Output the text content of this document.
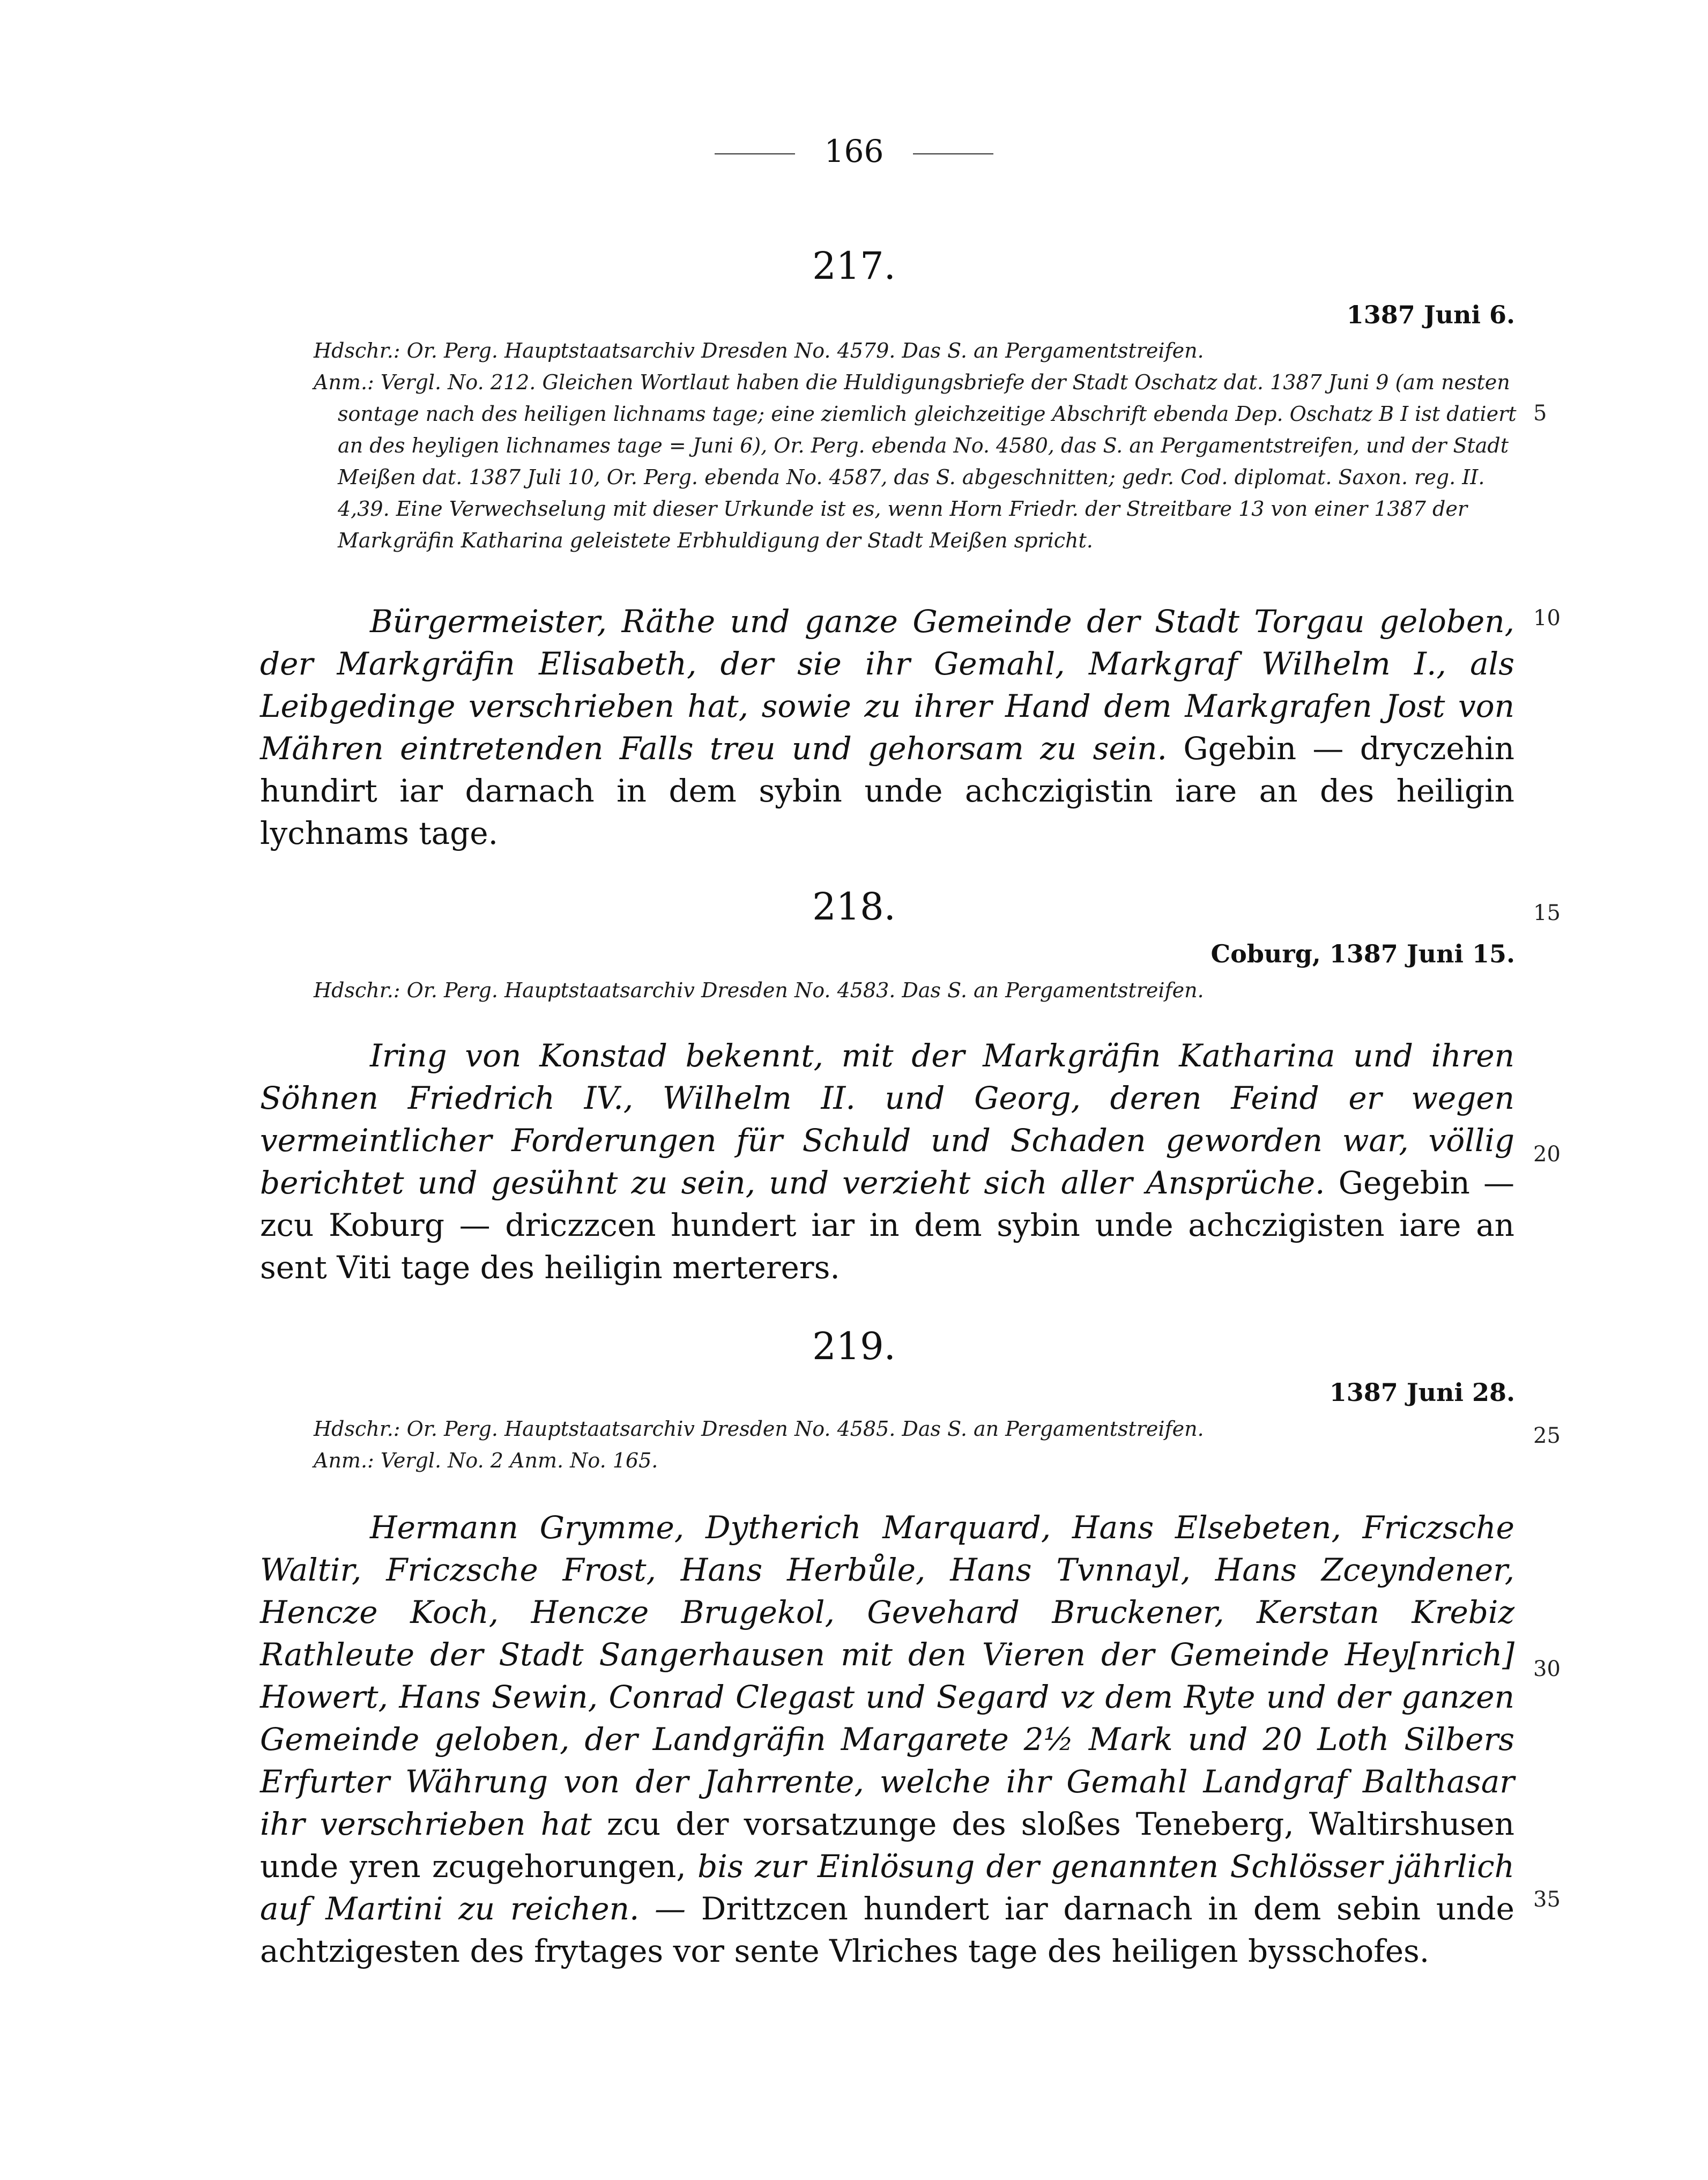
166
217.
1387 Juni 6.
Hdschr.: Or. Perg. Hauptstaatsarchiv Dresden No. 4579. Das S. an Pergamentstreifen.
Anm.: Vergl. No. 212. Gleichen Wortlaut haben die Huldigungsbriefe der Stadt Oschatz dat. 1387 Juni 9 (am nesten sontage nach des heiligen lichnams tage; eine ziemlich gleichzeitige Abschrift ebenda Dep. Oschatz B I ist datiert an des heyligen lichnames tage = Juni 6), Or. Perg. ebenda No. 4580, das S. an Pergamentstreifen, und der Stadt Meißen dat. 1387 Juli 10, Or. Perg. ebenda No. 4587, das S. abgeschnitten; gedr. Cod. diplomat. Saxon. reg. II. 4,39. Eine Verwechselung mit dieser Urkunde ist es, wenn Horn Friedr. der Streitbare 13 von einer 1387 der Markgräfin Katharina geleistete Erbhuldigung der Stadt Meißen spricht.
Bürgermeister, Räthe und ganze Gemeinde der Stadt Torgau geloben, der Markgräfin Elisabeth, der sie ihr Gemahl, Markgraf Wilhelm I., als Leibgedinge verschrieben hat, sowie zu ihrer Hand dem Markgrafen Jost von Mähren eintretenden Falls treu und gehorsam zu sein. Ggebin — dryczehin hundirt iar darnach in dem sybin unde achczigistin iare an des heiligin lychnams tage.
218.
Coburg, 1387 Juni 15.
Hdschr.: Or. Perg. Hauptstaatsarchiv Dresden No. 4583. Das S. an Pergamentstreifen.
Iring von Konstad bekennt, mit der Markgräfin Katharina und ihren Söhnen Friedrich IV., Wilhelm II. und Georg, deren Feind er wegen vermeintlicher Forderungen für Schuld und Schaden geworden war, völlig berichtet und gesühnt zu sein, und verzieht sich aller Ansprüche. Gegebin — zcu Koburg — driczzcen hundert iar in dem sybin unde achczigisten iare an sent Viti tage des heiligin merterers.
219.
1387 Juni 28.
Hdschr.: Or. Perg. Hauptstaatsarchiv Dresden No. 4585. Das S. an Pergamentstreifen.
Anm.: Vergl. No. 2 Anm. No. 165.
Hermann Grymme, Dytherich Marquard, Hans Elsebeten, Friczsche Waltir, Friczsche Frost, Hans Herbůle, Hans Tvnnayl, Hans Zceyndener, Hencze Koch, Hencze Brugekol, Gevehard Bruckener, Kerstan Krebiz Rathleute der Stadt Sangerhausen mit den Vieren der Gemeinde Hey[nrich] Howert, Hans Sewin, Conrad Clegast und Segard vz dem Ryte und der ganzen Gemeinde geloben, der Landgräfin Margarete 2½ Mark und 20 Loth Silbers Erfurter Währung von der Jahrrente, welche ihr Gemahl Landgraf Balthasar ihr verschrieben hat zcu der vorsatzunge des sloßes Teneberg, Waltirshusen unde yren zcugehorungen, bis zur Einlösung der genannten Schlösser jährlich auf Martini zu reichen. — Drittzcen hundert iar darnach in dem sebin unde achtzigesten des frytages vor sente Vlriches tage des heiligen bysschofes.
5
10
15
20
25
30
35
